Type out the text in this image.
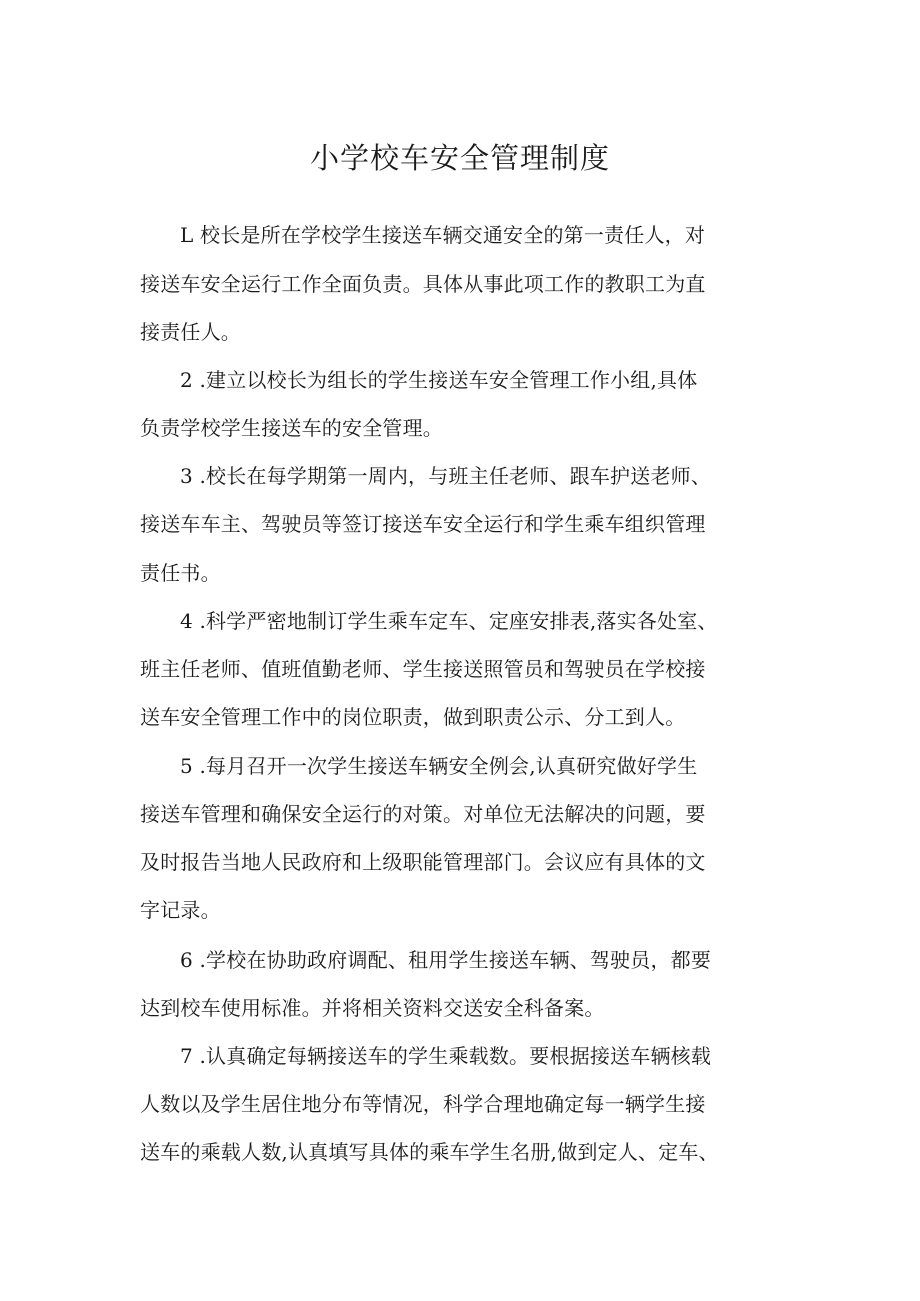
小学校车安全管理制度
L 校长是所在学校学生接送车辆交通安全的第一责任人，对
接送车安全运行工作全面负责。具体从事此项工作的教职工为直
接责任人。
2 .建立以校长为组长的学生接送车安全管理工作小组,具体
负责学校学生接送车的安全管理。
3 .校长在每学期第一周内，与班主任老师、跟车护送老师、
接送车车主、驾驶员等签订接送车安全运行和学生乘车组织管理
责任书。
4 .科学严密地制订学生乘车定车、定座安排表,落实各处室、
班主任老师、值班值勤老师、学生接送照管员和驾驶员在学校接
送车安全管理工作中的岗位职责，做到职责公示、分工到人。
5 .每月召开一次学生接送车辆安全例会,认真研究做好学生
接送车管理和确保安全运行的对策。对单位无法解决的问题，要
及时报告当地人民政府和上级职能管理部门。会议应有具体的文
字记录。
6 .学校在协助政府调配、租用学生接送车辆、驾驶员，都要
达到校车使用标准。并将相关资料交送安全科备案。
7 .认真确定每辆接送车的学生乘载数。要根据接送车辆核载
人数以及学生居住地分布等情况，科学合理地确定每一辆学生接
送车的乘载人数,认真填写具体的乘车学生名册,做到定人、定车、
